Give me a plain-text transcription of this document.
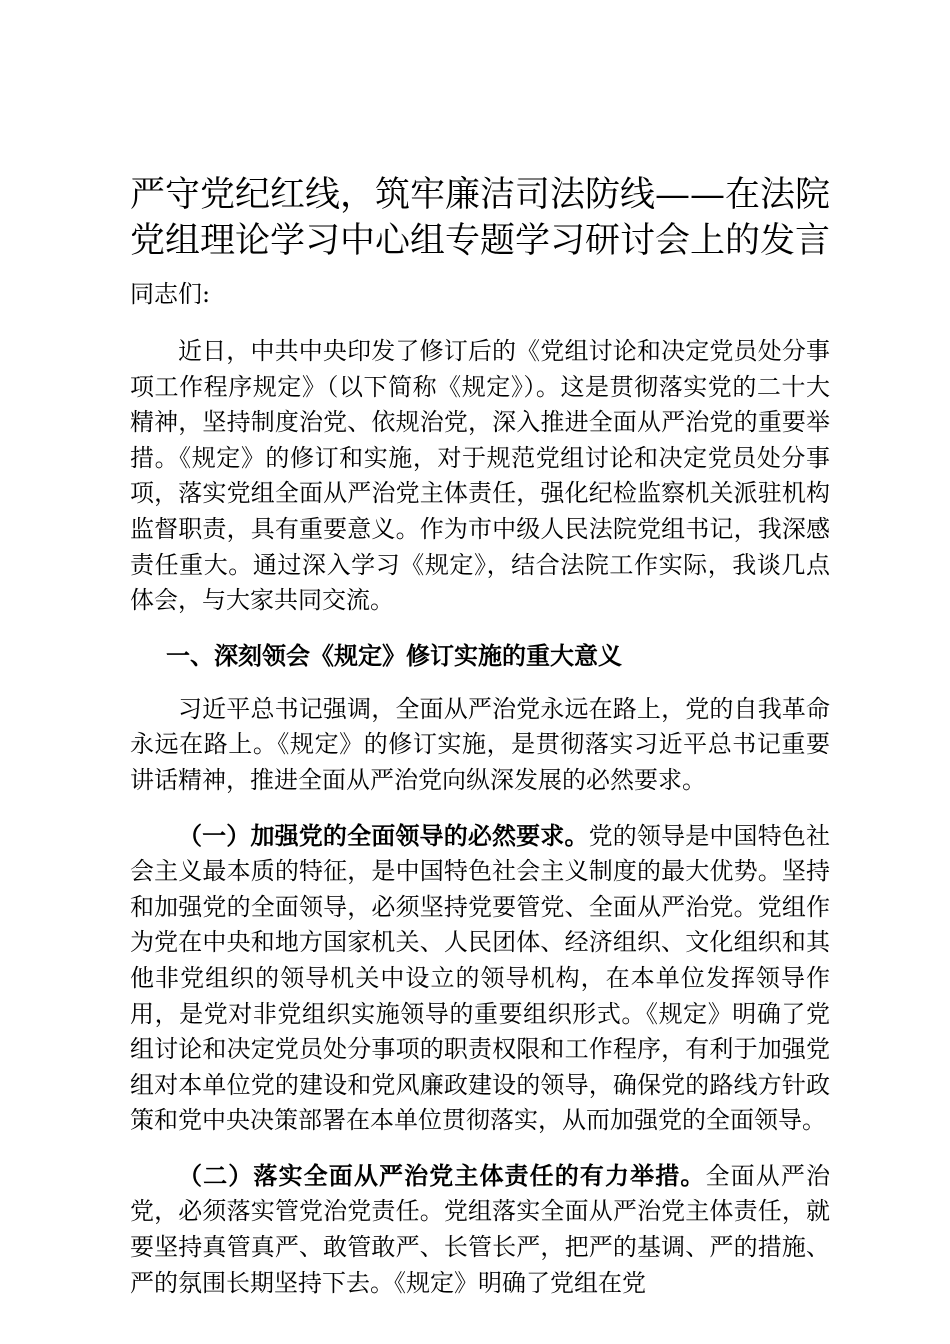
严守党纪红线，筑牢廉洁司法防线——在法院党组理论学习中心组专题学习研讨会上的发言
同志们:

近日，中共中央印发了修订后的《党组讨论和决定党员处分事项工作程序规定》（以下简称《规定》）。这是贯彻落实党的二十大精神，坚持制度治党、依规治党，深入推进全面从严治党的重要举措。《规定》的修订和实施，对于规范党组讨论和决定党员处分事项，落实党组全面从严治党主体责任，强化纪检监察机关派驻机构监督职责，具有重要意义。作为市中级人民法院党组书记，我深感责任重大。通过深入学习《规定》，结合法院工作实际，我谈几点体会，与大家共同交流。

一、深刻领会《规定》修订实施的重大意义

习近平总书记强调，全面从严治党永远在路上，党的自我革命永远在路上。《规定》的修订实施，是贯彻落实习近平总书记重要讲话精神，推进全面从严治党向纵深发展的必然要求。

（一）加强党的全面领导的必然要求。党的领导是中国特色社会主义最本质的特征，是中国特色社会主义制度的最大优势。坚持和加强党的全面领导，必须坚持党要管党、全面从严治党。党组作为党在中央和地方国家机关、人民团体、经济组织、文化组织和其他非党组织的领导机关中设立的领导机构，在本单位发挥领导作用，是党对非党组织实施领导的重要组织形式。《规定》明确了党组讨论和决定党员处分事项的职责权限和工作程序，有利于加强党组对本单位党的建设和党风廉政建设的领导，确保党的路线方针政策和党中央决策部署在本单位贯彻落实，从而加强党的全面领导。

（二）落实全面从严治党主体责任的有力举措。全面从严治党，必须落实管党治党责任。党组落实全面从严治党主体责任，就要坚持真管真严、敢管敢严、长管长严，把严的基调、严的措施、严的氛围长期坚持下去。《规定》明确了党组在党
